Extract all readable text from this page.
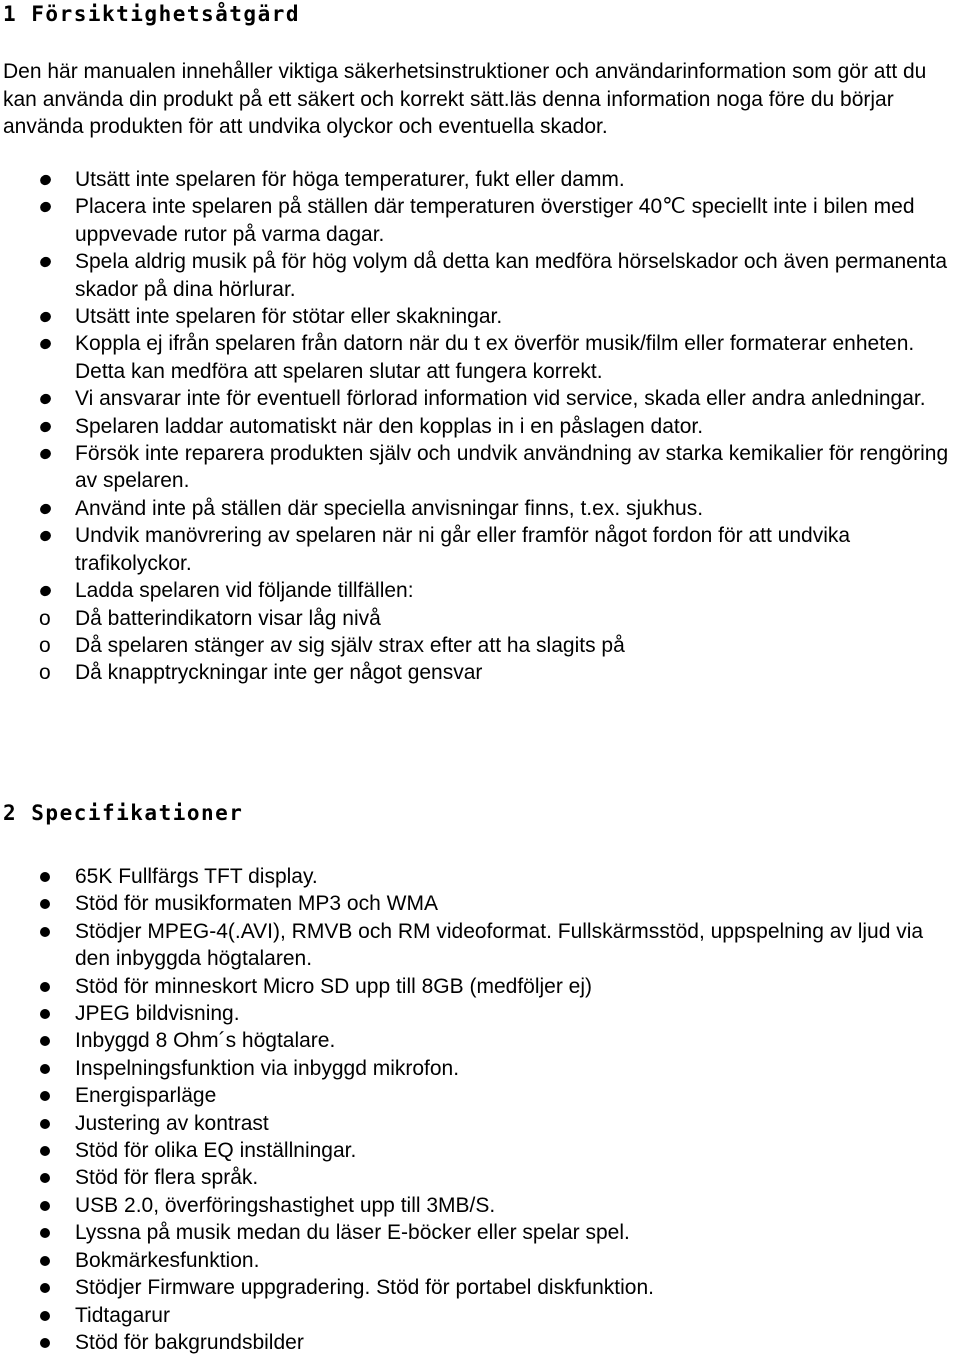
1 Försiktighetsåtgärd

Den här manualen innehåller viktiga säkerhetsinstruktioner och användarinformation som gör att du kan använda din produkt på ett säkert och korrekt sätt.läs denna information noga före du börjar använda produkten för att undvika olyckor och eventuella skador.

Utsätt inte spelaren för höga temperaturer, fukt eller damm.
Placera inte spelaren på ställen där temperaturen överstiger 40℃ speciellt inte i bilen med uppvevade rutor på varma dagar.
Spela aldrig musik på för hög volym då detta kan medföra hörselskador och även permanenta skador på dina hörlurar.
Utsätt inte spelaren för stötar eller skakningar.
Koppla ej ifrån spelaren från datorn när du t ex överför musik/film eller formaterar enheten. Detta kan medföra att spelaren slutar att fungera korrekt.
Vi ansvarar inte för eventuell förlorad information vid service, skada eller andra anledningar.
Spelaren laddar automatiskt när den kopplas in i en påslagen dator.
Försök inte reparera produkten själv och undvik användning av starka kemikalier för rengöring av spelaren.
Använd inte på ställen där speciella anvisningar finns, t.ex. sjukhus.
Undvik manövrering av spelaren när ni går eller framför något fordon för att undvika trafikolyckor.
Ladda spelaren vid följande tillfällen:
o Då batterindikatorn visar låg nivå
o Då spelaren stänger av sig själv strax efter att ha slagits på
o Då knapptryckningar inte ger något gensvar
2 Specifikationer
65K Fullfärgs TFT display.
Stöd för musikformaten MP3 och WMA
Stödjer MPEG-4(.AVI), RMVB och RM videoformat. Fullskärmsstöd, uppspelning av ljud via den inbyggda högtalaren.
Stöd för minneskort Micro SD upp till 8GB (medföljer ej)
JPEG bildvisning.
Inbyggd 8 Ohm´s högtalare.
Inspelningsfunktion via inbyggd mikrofon.
Energisparläge
Justering av kontrast
Stöd för olika EQ inställningar.
Stöd för flera språk.
USB 2.0, överföringshastighet upp till 3MB/S.
Lyssna på musik medan du läser E-böcker eller spelar spel.
Bokmärkesfunktion.
Stödjer Firmware uppgradering. Stöd för portabel diskfunktion.
Tidtagarur
Stöd för bakgrundsbilder
